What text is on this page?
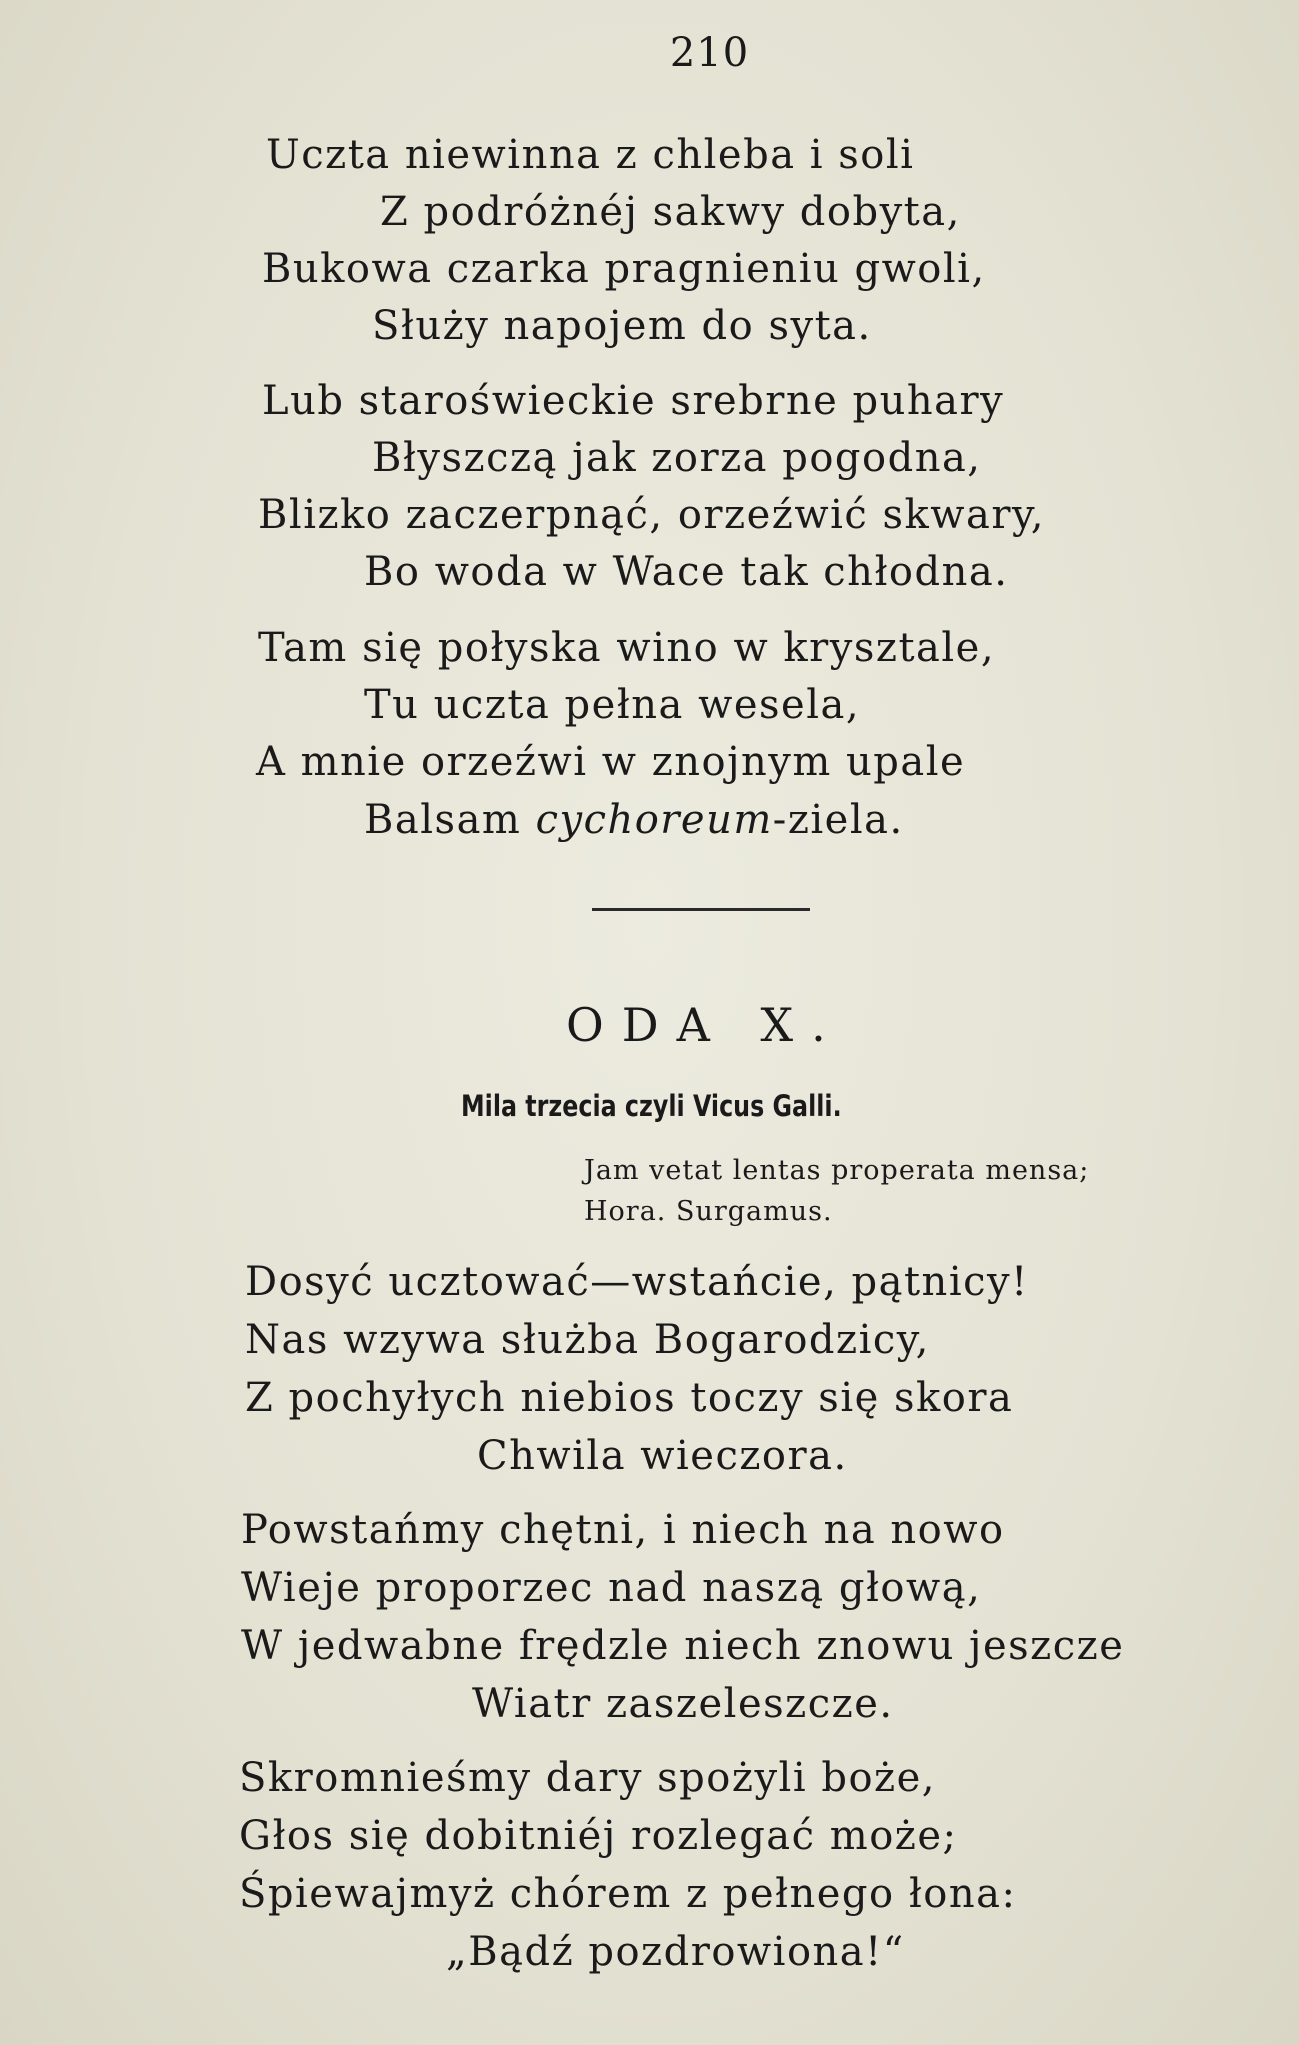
210
Uczta niewinna z chleba i soli
Z podróżnéj sakwy dobyta,
Bukowa czarka pragnieniu gwoli,
Służy napojem do syta.
Lub staroświeckie srebrne puhary
Błyszczą jak zorza pogodna,
Blizko zaczerpnąć, orzeźwić skwary,
Bo woda w Wace tak chłodna.
Tam się połyska wino w krysztale,
Tu uczta pełna wesela,
A mnie orzeźwi w znojnym upale
Balsam cychoreum-ziela.
ODA X.
Mila trzecia czyli Vicus Galli.
Jam vetat lentas properata mensa;
Hora. Surgamus.
Dosyć ucztować—wstańcie, pątnicy!
Nas wzywa służba Bogarodzicy,
Z pochyłych niebios toczy się skora
Chwila wieczora.
Powstańmy chętni, i niech na nowo
Wieje proporzec nad naszą głową,
W jedwabne frędzle niech znowu jeszcze
Wiatr zaszeleszcze.
Skromnieśmy dary spożyli boże,
Głos się dobitniéj rozlegać może;
Śpiewajmyż chórem z pełnego łona:
„Bądź pozdrowiona!“
